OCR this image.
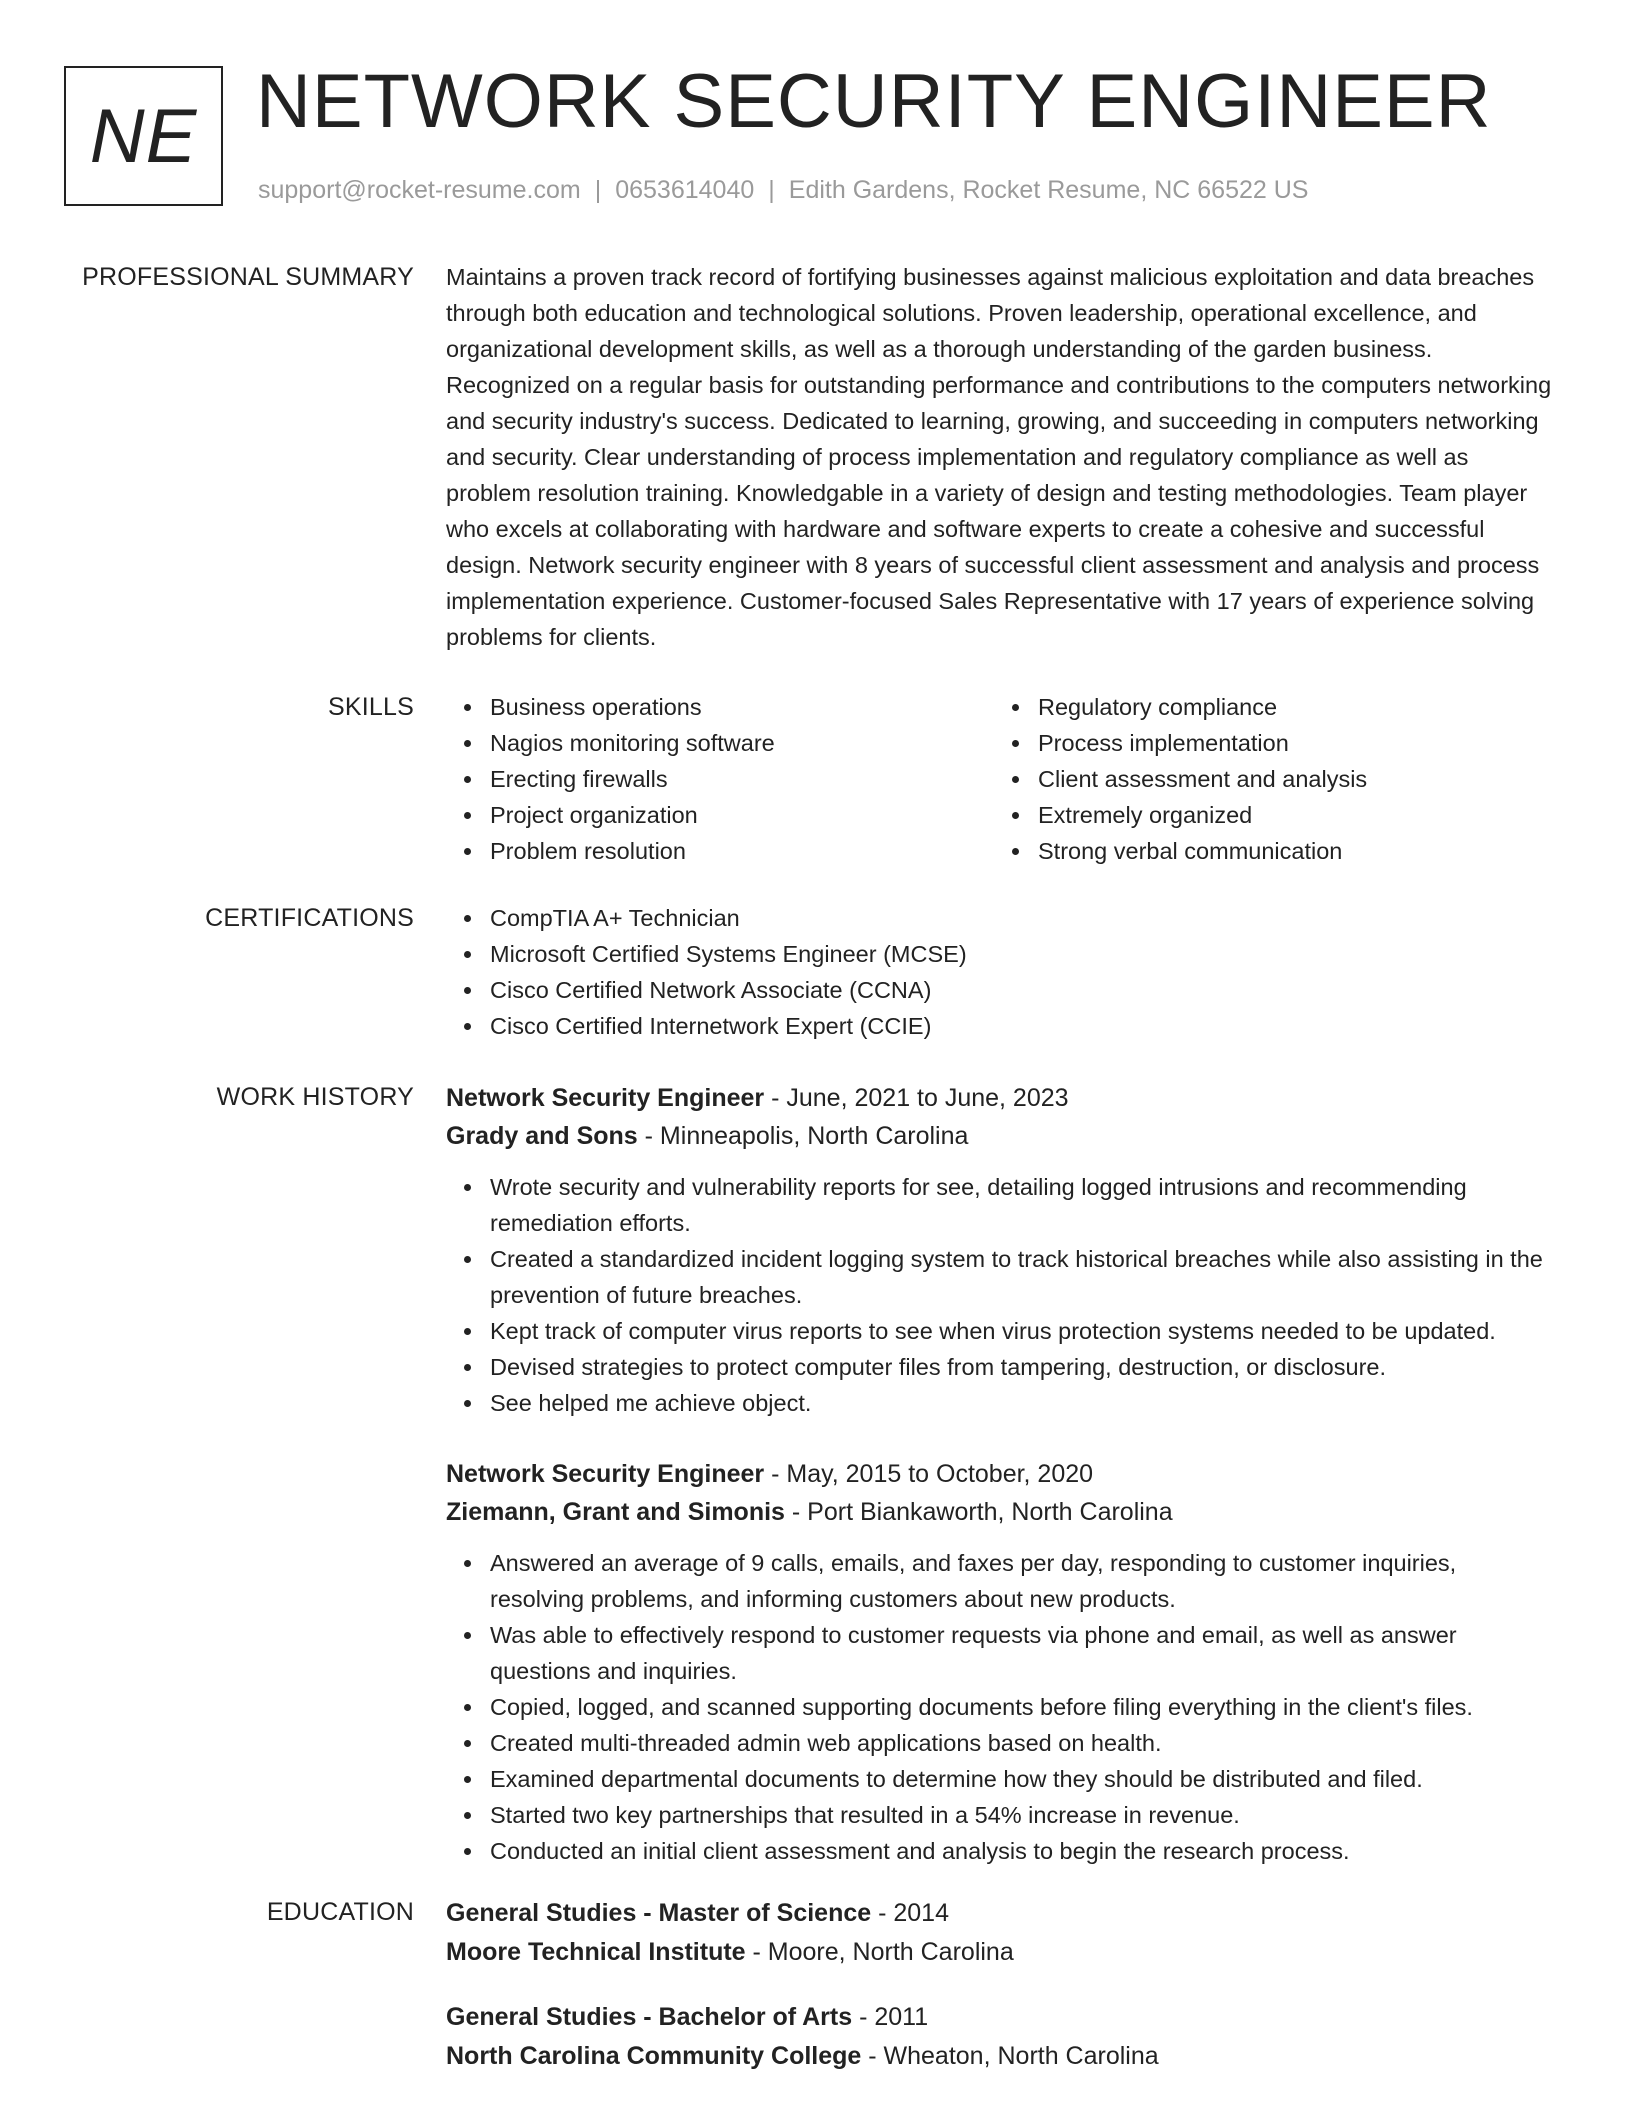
NE NETWORK SECURITY ENGINEER
support@rocket-resume.com | 0653614040 | Edith Gardens, Rocket Resume, NC 66522 US
PROFESSIONAL SUMMARY Maintains a proven track record of fortifying businesses against malicious exploitation and data breaches through both education and technological solutions. Proven leadership, operational excellence, and organizational development skills, as well as a thorough understanding of the garden business. Recognized on a regular basis for outstanding performance and contributions to the computers networking and security industry's success. Dedicated to learning, growing, and succeeding in computers networking and security. Clear understanding of process implementation and regulatory compliance as well as problem resolution training. Knowledgable in a variety of design and testing methodologies. Team player who excels at collaborating with hardware and software experts to create a cohesive and successful design. Network security engineer with 8 years of successful client assessment and analysis and process implementation experience. Customer-focused Sales Representative with 17 years of experience solving problems for clients.

SKILLS	Business operations
Nagios monitoring software
Erecting firewalls
Project organization
Problem resolution
Regulatory compliance
Process implementation
Client assessment and analysis
Extremely organized
Strong verbal communication
CERTIFICATIONS	CompTIA A+ Technician
Microsoft Certified Systems Engineer (MCSE)
Cisco Certified Network Associate (CCNA)
Cisco Certified Internetwork Expert (CCIE)
WORK HISTORY Network Security Engineer - June, 2021 to June, 2023
Grady and Sons - Minneapolis, North Carolina
Wrote security and vulnerability reports for see, detailing logged intrusions and recommending remediation efforts.
Created a standardized incident logging system to track historical breaches while also assisting in the prevention of future breaches.
Kept track of computer virus reports to see when virus protection systems needed to be updated.
Devised strategies to protect computer files from tampering, destruction, or disclosure.
See helped me achieve object.
Network Security Engineer - May, 2015 to October, 2020
Ziemann, Grant and Simonis - Port Biankaworth, North Carolina
Answered an average of 9 calls, emails, and faxes per day, responding to customer inquiries, resolving problems, and informing customers about new products.
Was able to effectively respond to customer requests via phone and email, as well as answer questions and inquiries.
Copied, logged, and scanned supporting documents before filing everything in the client's files.
Created multi-threaded admin web applications based on health.
Examined departmental documents to determine how they should be distributed and filed.
Started two key partnerships that resulted in a 54% increase in revenue.
Conducted an initial client assessment and analysis to begin the research process.
EDUCATION General Studies - Master of Science - 2014
Moore Technical Institute - Moore, North Carolina
General Studies - Bachelor of Arts - 2011
North Carolina Community College - Wheaton, North Carolina
